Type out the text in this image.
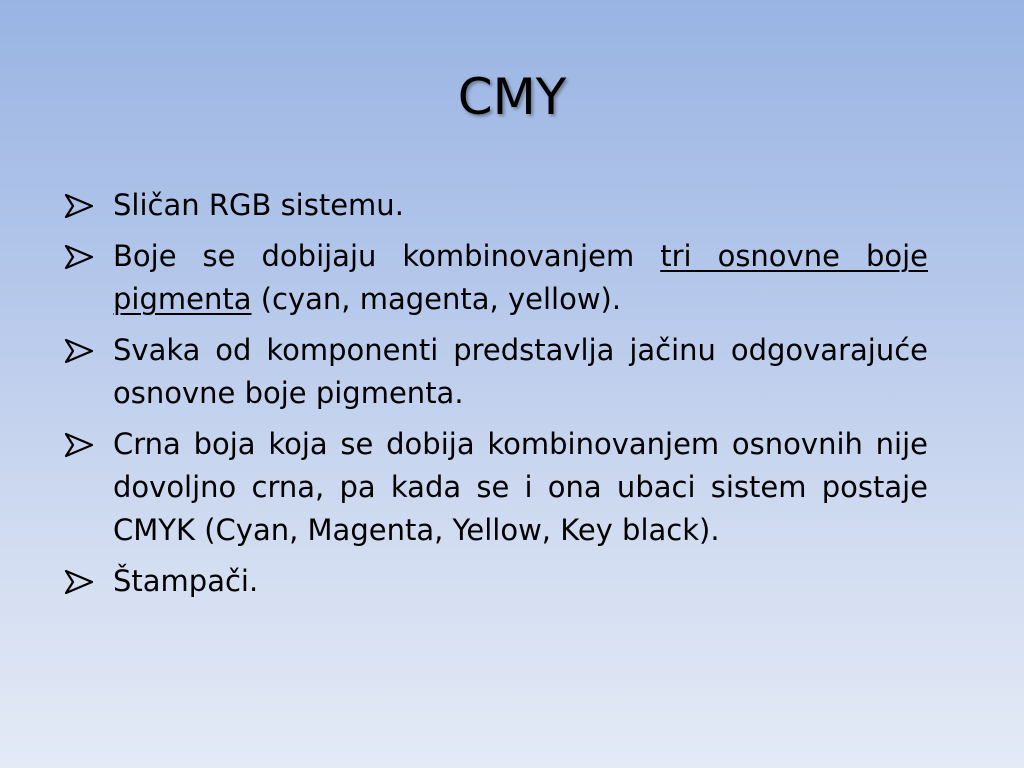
CMY
Sličan RGB sistemu.
Boje se dobijaju kombinovanjem tri osnovne boje pigmenta (cyan, magenta, yellow).
Svaka od komponenti predstavlja jačinu odgovarajuće osnovne boje pigmenta.
Crna boja koja se dobija kombinovanjem osnovnih nije dovoljno crna, pa kada se i ona ubaci sistem postaje CMYK (Cyan, Magenta, Yellow, Key black).
Štampači.
